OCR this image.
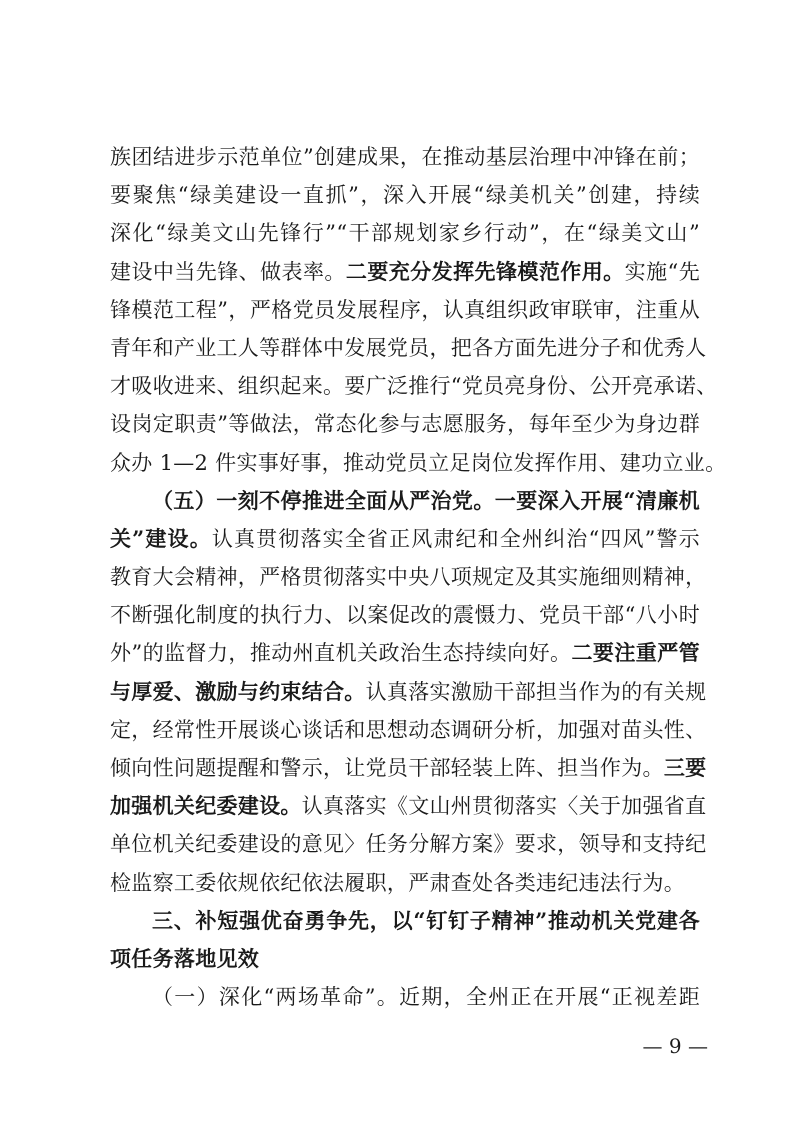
族团结进步示范单位”创建成果，在推动基层治理中冲锋在前；
要聚焦“绿美建设一直抓”，深入开展“绿美机关”创建，持续
深化“绿美文山先锋行”“干部规划家乡行动”，在“绿美文山”
建设中当先锋、做表率。二要充分发挥先锋模范作用。实施“先
锋模范工程”，严格党员发展程序，认真组织政审联审，注重从
青年和产业工人等群体中发展党员，把各方面先进分子和优秀人
才吸收进来、组织起来。要广泛推行“党员亮身份、公开亮承诺、
设岗定职责”等做法，常态化参与志愿服务，每年至少为身边群
众办 1—2 件实事好事，推动党员立足岗位发挥作用、建功立业。
（五）一刻不停推进全面从严治党。一要深入开展“清廉机
关”建设。认真贯彻落实全省正风肃纪和全州纠治“四风”警示
教育大会精神，严格贯彻落实中央八项规定及其实施细则精神，
不断强化制度的执行力、以案促改的震慑力、党员干部“八小时
外”的监督力，推动州直机关政治生态持续向好。二要注重严管
与厚爱、激励与约束结合。认真落实激励干部担当作为的有关规
定，经常性开展谈心谈话和思想动态调研分析，加强对苗头性、
倾向性问题提醒和警示，让党员干部轻装上阵、担当作为。三要
加强机关纪委建设。认真落实《文山州贯彻落实〈关于加强省直
单位机关纪委建设的意见〉任务分解方案》要求，领导和支持纪
检监察工委依规依纪依法履职，严肃查处各类违纪违法行为。
三、补短强优奋勇争先，以“钉钉子精神”推动机关党建各
项任务落地见效
（一）深化“两场革命”。近期，全州正在开展“正视差距
— 9 —
